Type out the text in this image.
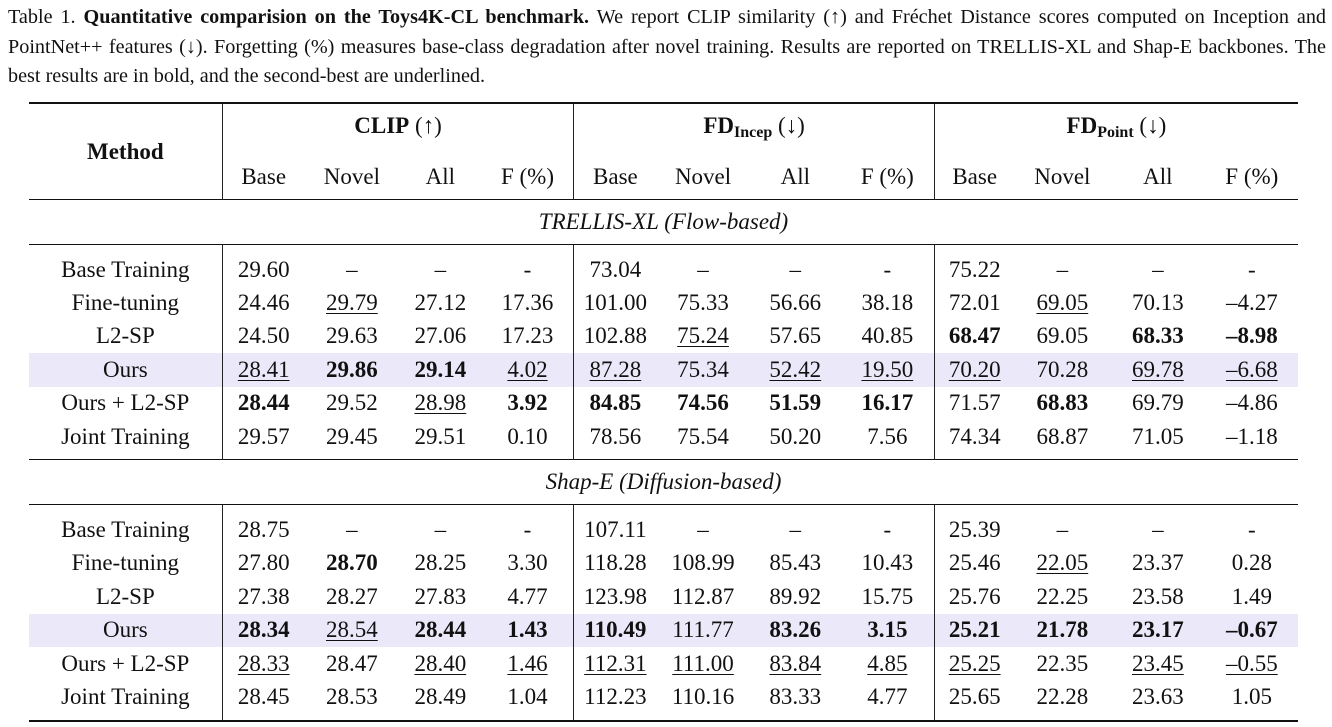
Table 1. Quantitative comparision on the Toys4K-CL benchmark. We report CLIP similarity (↑) and Fréchet Distance scores computed on Inception and PointNet++ features (↓). Forgetting (%) measures base-class degradation after novel training. Results are reported on TRELLIS-XL and Shap-E backbones. The best results are in bold, and the second-best are underlined.

Method	CLIP (↑)				$FD_{Incep}$ (↓)				$FD_{Point}$ (↓)			
	Base	Novel	All	F (%)	Base	Novel	All	F (%)	Base	Novel	All	F (%)
TRELLIS-XL (Flow-based)												
Base Training	29.60	–	–	-	73.04	–	–	-	75.22	–	–	-
Fine-tuning	24.46	29.79	27.12	17.36	101.00	75.33	56.66	38.18	72.01	69.05	70.13	–4.27
L2-SP	24.50	29.63	27.06	17.23	102.88	75.24	57.65	40.85	68.47	69.05	68.33	–8.98
Ours	28.41	29.86	29.14	4.02	87.28	75.34	52.42	19.50	70.20	70.28	69.78	–6.68
Ours + L2-SP	28.44	29.52	28.98	3.92	84.85	74.56	51.59	16.17	71.57	68.83	69.79	–4.86
Joint Training	29.57	29.45	29.51	0.10	78.56	75.54	50.20	7.56	74.34	68.87	71.05	–1.18
Shap-E (Diffusion-based)												
Base Training	28.75	–	–	-	107.11	–	–	-	25.39	–	–	-
Fine-tuning	27.80	28.70	28.25	3.30	118.28	108.99	85.43	10.43	25.46	22.05	23.37	0.28
L2-SP	27.38	28.27	27.83	4.77	123.98	112.87	89.92	15.75	25.76	22.25	23.58	1.49
Ours	28.34	28.54	28.44	1.43	110.49	111.77	83.26	3.15	25.21	21.78	23.17	–0.67
Ours + L2-SP	28.33	28.47	28.40	1.46	112.31	111.00	83.84	4.85	25.25	22.35	23.45	–0.55
Joint Training	28.45	28.53	28.49	1.04	112.23	110.16	83.33	4.77	25.65	22.28	23.63	1.05
